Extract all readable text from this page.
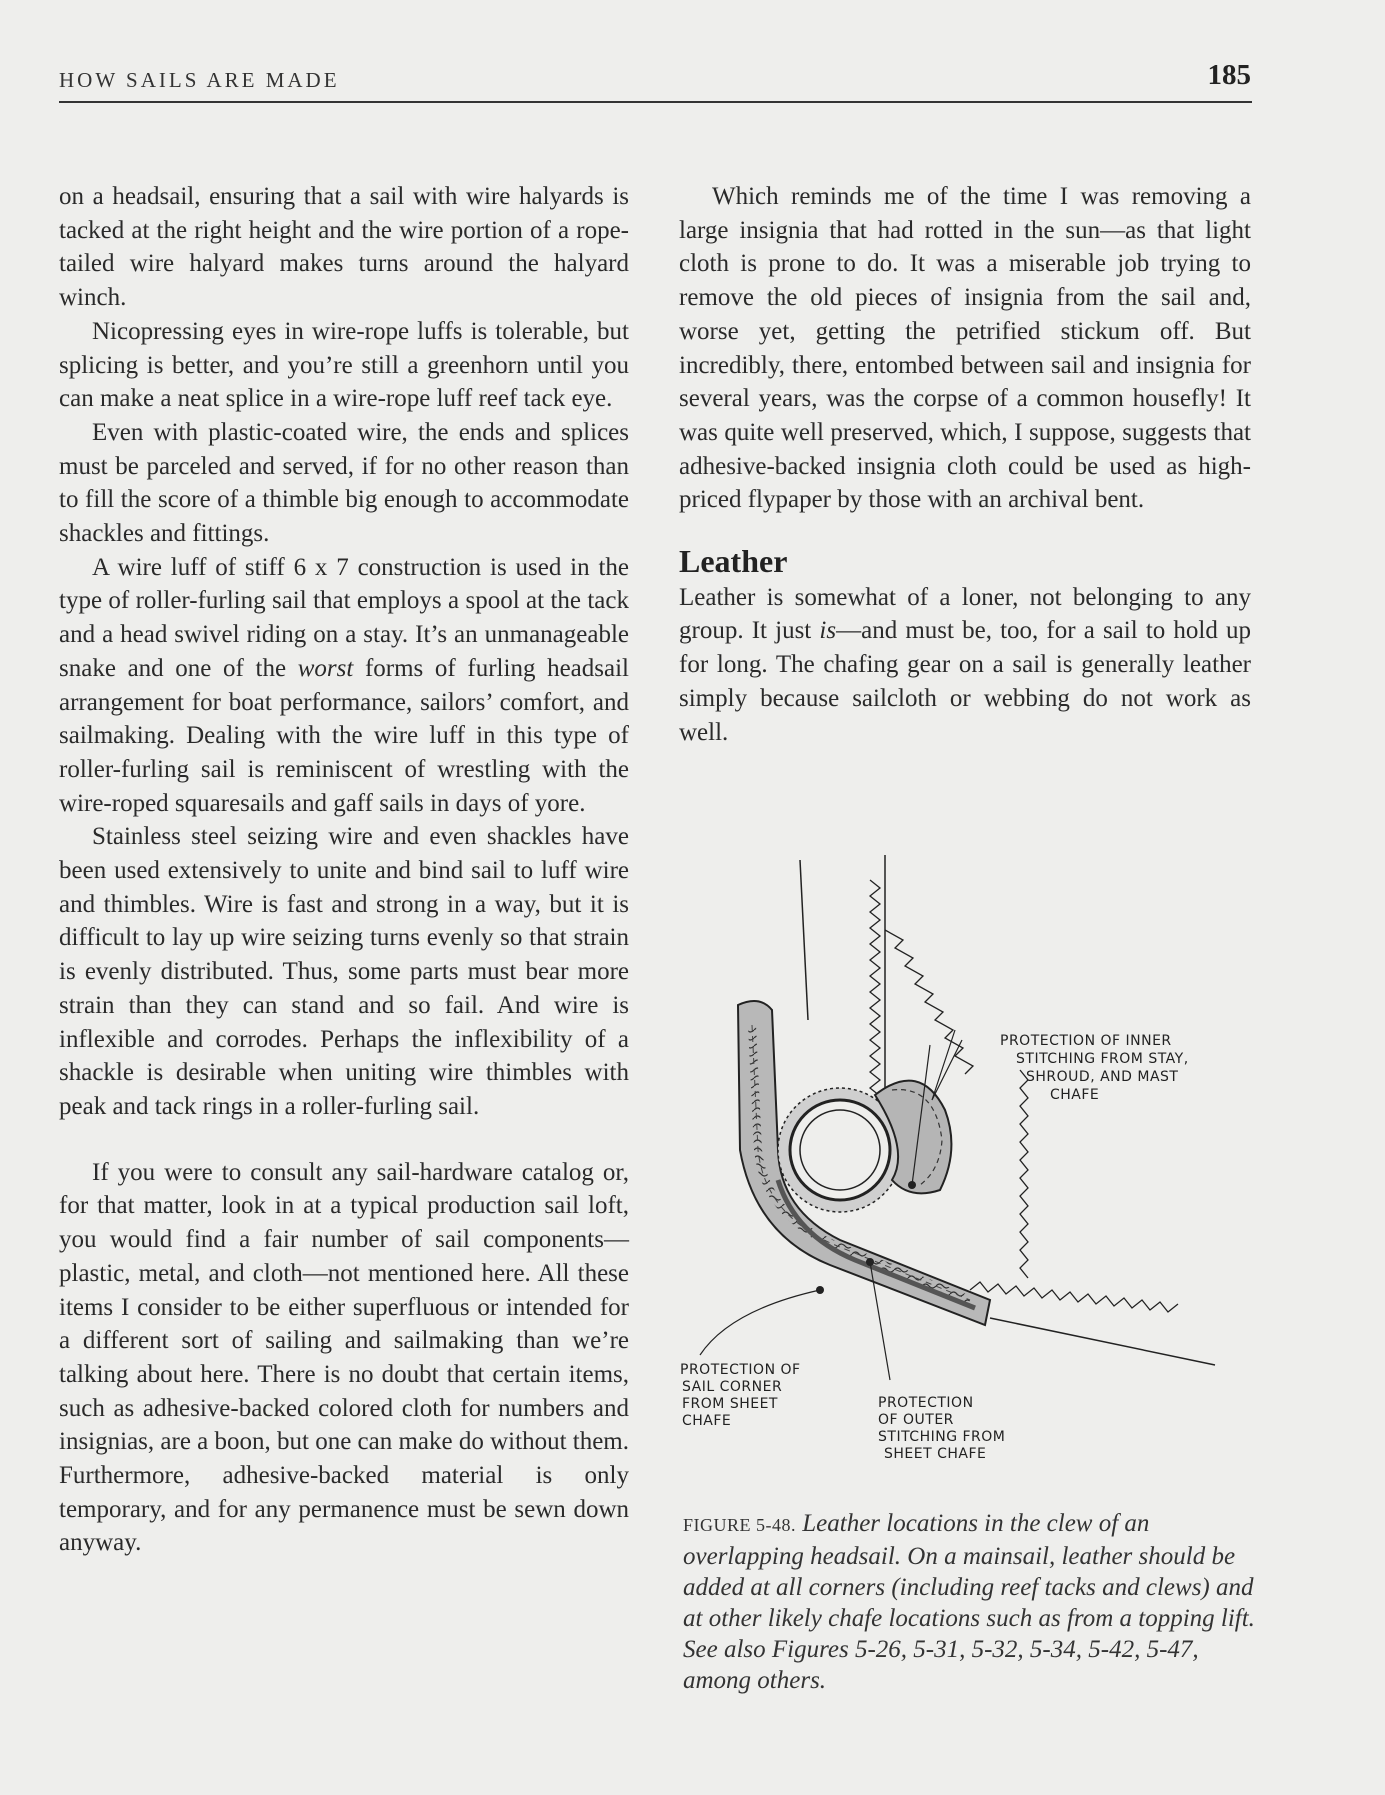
HOW SAILS ARE MADE	185

on a headsail, ensuring that a sail with wire halyards is tacked at the right height and the wire portion of a rope-tailed wire halyard makes turns around the halyard winch.

Nicopressing eyes in wire-rope luffs is tolerable, but splicing is better, and you’re still a greenhorn until you can make a neat splice in a wire-rope luff reef tack eye.

Even with plastic-coated wire, the ends and splices must be parceled and served, if for no other reason than to fill the score of a thimble big enough to accommodate shackles and fittings.

A wire luff of stiff 6 x 7 construction is used in the type of roller-furling sail that employs a spool at the tack and a head swivel riding on a stay. It’s an unmanageable snake and one of the worst forms of furling headsail arrangement for boat performance, sailors’ comfort, and sailmaking. Dealing with the wire luff in this type of roller-furling sail is reminiscent of wrestling with the wire-roped squaresails and gaff sails in days of yore.

Stainless steel seizing wire and even shackles have been used extensively to unite and bind sail to luff wire and thimbles. Wire is fast and strong in a way, but it is difficult to lay up wire seizing turns evenly so that strain is evenly distributed. Thus, some parts must bear more strain than they can stand and so fail. And wire is inflexible and corrodes. Perhaps the inflexibility of a shackle is desirable when uniting wire thimbles with peak and tack rings in a roller-furling sail.

If you were to consult any sail-hardware catalog or, for that matter, look in at a typical production sail loft, you would find a fair number of sail components—plastic, metal, and cloth—not mentioned here. All these items I consider to be either superfluous or intended for a different sort of sailing and sailmaking than we’re talking about here. There is no doubt that certain items, such as adhesive-backed colored cloth for numbers and insignias, are a boon, but one can make do without them. Furthermore, adhesive-backed material is only temporary, and for any permanence must be sewn down anyway.

Which reminds me of the time I was removing a large insignia that had rotted in the sun—as that light cloth is prone to do. It was a miserable job trying to remove the old pieces of insignia from the sail and, worse yet, getting the petrified stickum off. But incredibly, there, entombed between sail and insignia for several years, was the corpse of a common housefly! It was quite well preserved, which, I suppose, suggests that adhesive-backed insignia cloth could be used as high-priced flypaper by those with an archival bent.

Leather

Leather is somewhat of a loner, not belonging to any group. It just is—and must be, too, for a sail to hold up for long. The chafing gear on a sail is generally leather simply because sailcloth or webbing do not work as well.

PROTECTION OF INNER
STITCHING FROM STAY,
SHROUD, AND MAST
CHAFE
PROTECTION OF
SAIL CORNER
FROM SHEET
CHAFE
PROTECTION
OF OUTER
STITCHING FROM
SHEET CHAFE
FIGURE 5-48. Leather locations in the clew of an overlapping headsail. On a mainsail, leather should be added at all corners (including reef tacks and clews) and at other likely chafe locations such as from a topping lift. See also Figures 5-26, 5-31, 5-32, 5-34, 5-42, 5-47, among others.
